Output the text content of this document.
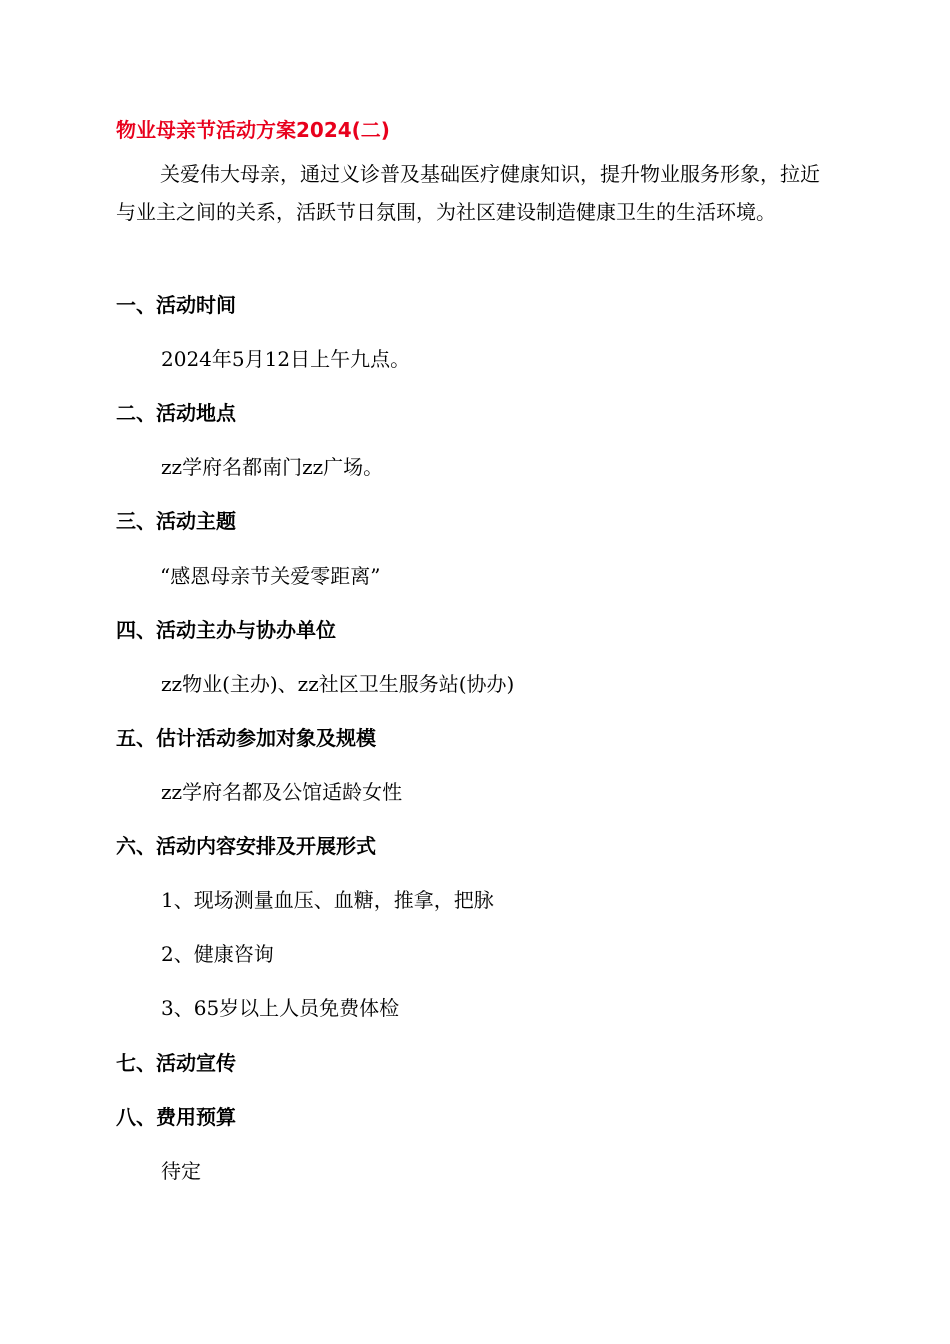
物业母亲节活动方案2024(二)

关爱伟大母亲，通过义诊普及基础医疗健康知识，提升物业服务形象，拉近与业主之间的关系，活跃节日氛围，为社区建设制造健康卫生的生活环境。

一、活动时间
2024年5月12日上午九点。
二、活动地点
zz学府名都南门zz广场。
三、活动主题
“感恩母亲节关爱零距离”
四、活动主办与协办单位
zz物业(主办)、zz社区卫生服务站(协办)
五、估计活动参加对象及规模
zz学府名都及公馆适龄女性
六、活动内容安排及开展形式
1、现场测量血压、血糖，推拿，把脉
2、健康咨询
3、65岁以上人员免费体检
七、活动宣传
八、费用预算
待定
